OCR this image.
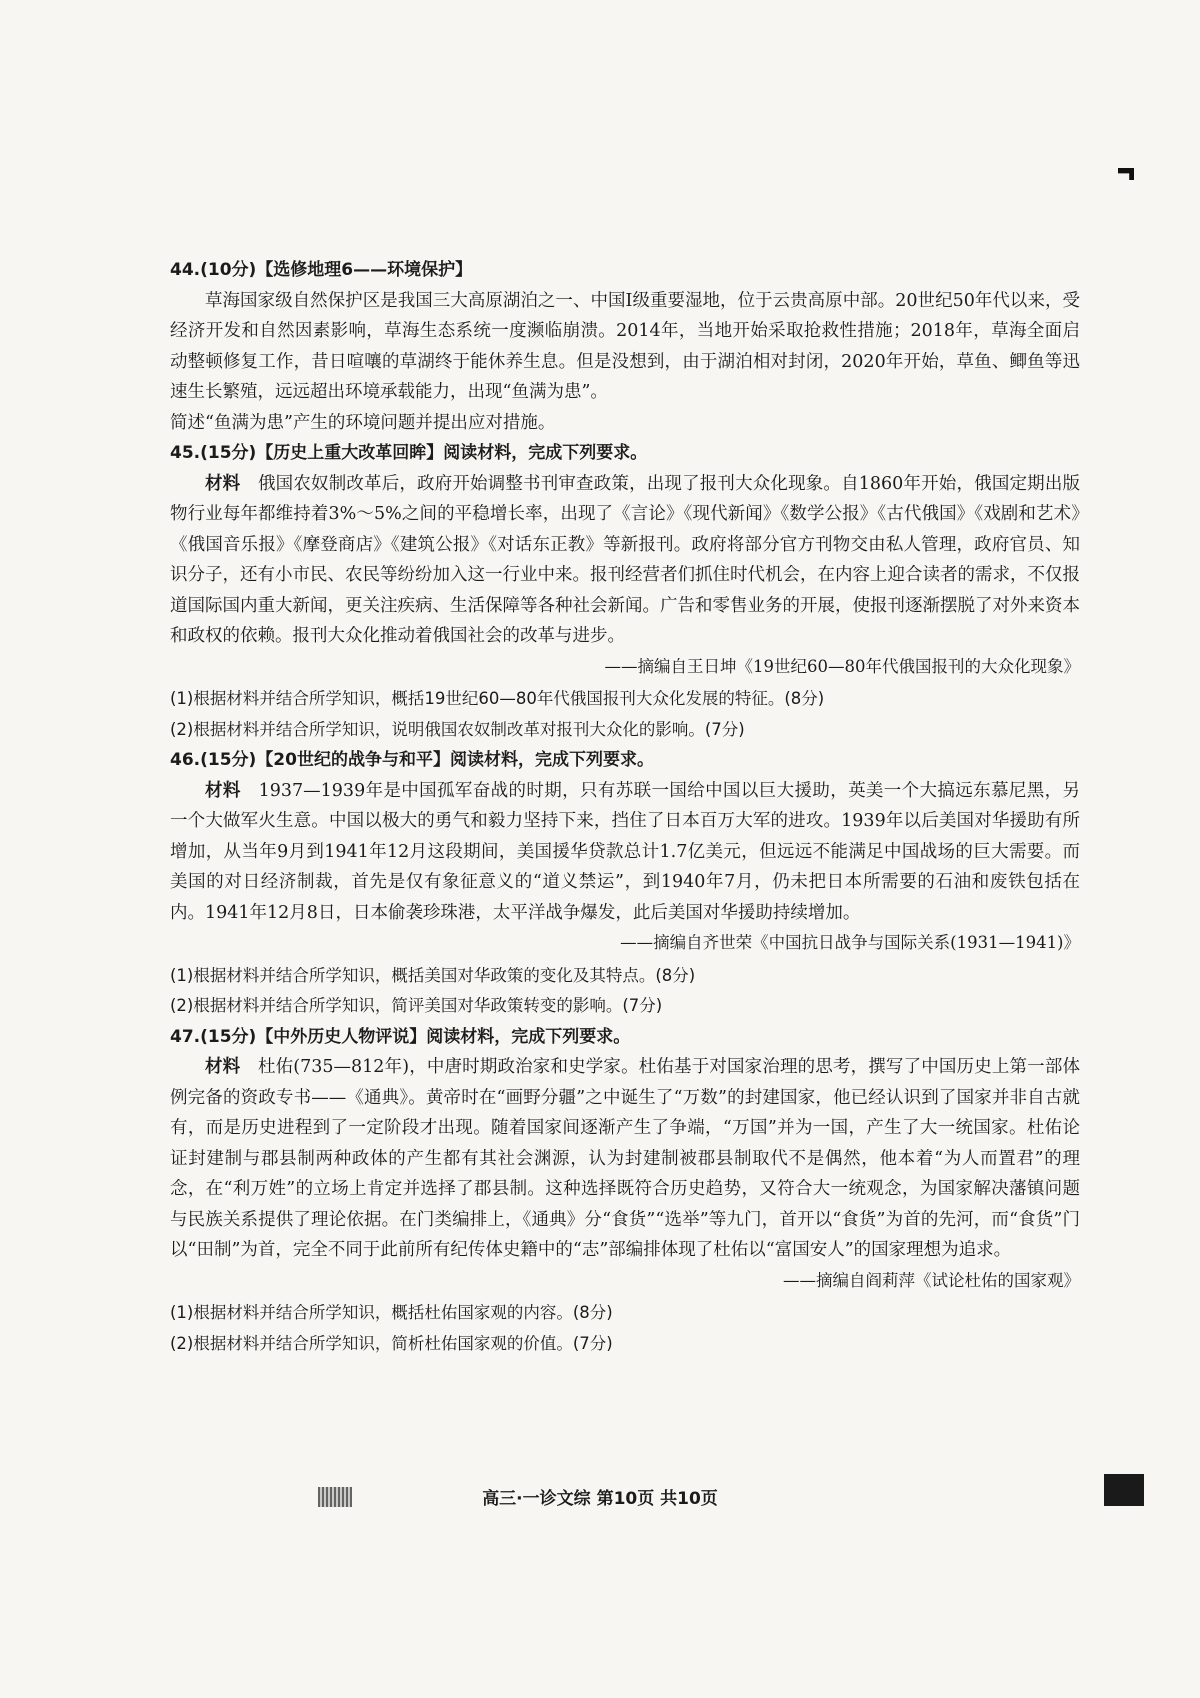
44.(10分)【选修地理6——环境保护】

草海国家级自然保护区是我国三大高原湖泊之一、中国Ⅰ级重要湿地，位于云贵高原中部。20世纪50年代以来，受经济开发和自然因素影响，草海生态系统一度濒临崩溃。2014年，当地开始采取抢救性措施；2018年，草海全面启动整顿修复工作，昔日喧嚷的草湖终于能休养生息。但是没想到，由于湖泊相对封闭，2020年开始，草鱼、鲫鱼等迅速生长繁殖，远远超出环境承载能力，出现“鱼满为患”。

简述“鱼满为患”产生的环境问题并提出应对措施。

45.(15分)【历史上重大改革回眸】阅读材料，完成下列要求。

材料　 俄国农奴制改革后，政府开始调整书刊审查政策，出现了报刊大众化现象。自1860年开始，俄国定期出版物行业每年都维持着3%～5%之间的平稳增长率，出现了《言论》《现代新闻》《数学公报》《古代俄国》《戏剧和艺术》《俄国音乐报》《摩登商店》《建筑公报》《对话东正教》等新报刊。政府将部分官方刊物交由私人管理，政府官员、知识分子，还有小市民、农民等纷纷加入这一行业中来。报刊经营者们抓住时代机会，在内容上迎合读者的需求，不仅报道国际国内重大新闻，更关注疾病、生活保障等各种社会新闻。广告和零售业务的开展，使报刊逐渐摆脱了对外来资本和政权的依赖。报刊大众化推动着俄国社会的改革与进步。

——摘编自王日坤《19世纪60—80年代俄国报刊的大众化现象》

(1)根据材料并结合所学知识，概括19世纪60—80年代俄国报刊大众化发展的特征。(8分)

(2)根据材料并结合所学知识，说明俄国农奴制改革对报刊大众化的影响。(7分)

46.(15分)【20世纪的战争与和平】阅读材料，完成下列要求。

材料　 1937—1939年是中国孤军奋战的时期，只有苏联一国给中国以巨大援助，英美一个大搞远东慕尼黑，另一个大做军火生意。中国以极大的勇气和毅力坚持下来，挡住了日本百万大军的进攻。1939年以后美国对华援助有所增加，从当年9月到1941年12月这段期间，美国援华贷款总计1.7亿美元，但远远不能满足中国战场的巨大需要。而美国的对日经济制裁，首先是仅有象征意义的“道义禁运”，到1940年7月，仍未把日本所需要的石油和废铁包括在内。1941年12月8日，日本偷袭珍珠港，太平洋战争爆发，此后美国对华援助持续增加。

——摘编自齐世荣《中国抗日战争与国际关系(1931—1941)》

(1)根据材料并结合所学知识，概括美国对华政策的变化及其特点。(8分)

(2)根据材料并结合所学知识，简评美国对华政策转变的影响。(7分)

47.(15分)【中外历史人物评说】阅读材料，完成下列要求。

材料　 杜佑(735—812年)，中唐时期政治家和史学家。杜佑基于对国家治理的思考，撰写了中国历史上第一部体例完备的资政专书——《通典》。黄帝时在“画野分疆”之中诞生了“万数”的封建国家，他已经认识到了国家并非自古就有，而是历史进程到了一定阶段才出现。随着国家间逐渐产生了争端，“万国”并为一国，产生了大一统国家。杜佑论证封建制与郡县制两种政体的产生都有其社会渊源，认为封建制被郡县制取代不是偶然，他本着“为人而置君”的理念，在“利万姓”的立场上肯定并选择了郡县制。这种选择既符合历史趋势，又符合大一统观念，为国家解决藩镇问题与民族关系提供了理论依据。在门类编排上，《通典》分“食货”“选举”等九门，首开以“食货”为首的先河，而“食货”门以“田制”为首，完全不同于此前所有纪传体史籍中的“志”部编排体现了杜佑以“富国安人”的国家理想为追求。

——摘编自阎莉萍《试论杜佑的国家观》

(1)根据材料并结合所学知识，概括杜佑国家观的内容。(8分)

(2)根据材料并结合所学知识，简析杜佑国家观的价值。(7分)

高三·一诊文综 第10页 共10页
